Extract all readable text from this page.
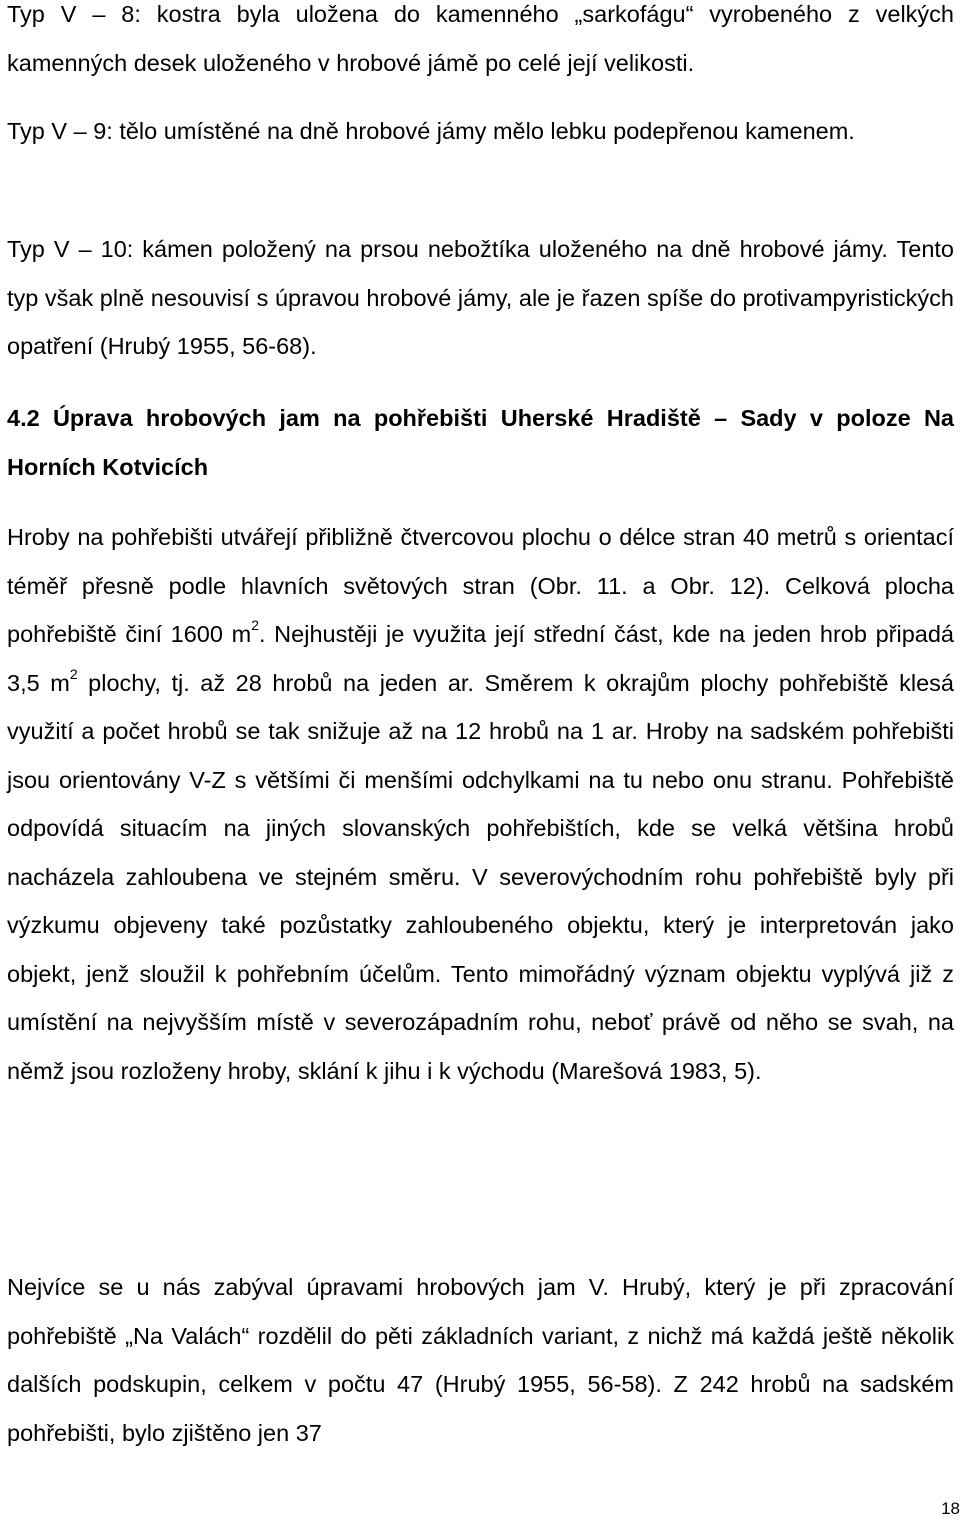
Typ V – 8: kostra byla uložena do kamenného „sarkofágu“ vyrobeného z velkých kamenných desek uloženého v hrobové jámě po celé její velikosti.

Typ V – 9: tělo umístěné na dně hrobové jámy mělo lebku podepřenou kamenem.

Typ V – 10: kámen položený na prsou nebožtíka uloženého na dně hrobové jámy. Tento typ však plně nesouvisí s úpravou hrobové jámy, ale je řazen spíše do protivampyristických opatření (Hrubý 1955, 56-68).

4.2 Úprava hrobových jam na pohřebišti Uherské Hradiště – Sady v poloze Na Horních Kotvicích

Hroby na pohřebišti utvářejí přibližně čtvercovou plochu o délce stran 40 metrů s orientací téměř přesně podle hlavních světových stran (Obr. 11. a Obr. 12). Celková plocha pohřebiště činí 1600 $m^2$. Nejhustěji je využita její střední část, kde na jeden hrob připadá 3,5 $m^2$ plochy, tj. až 28 hrobů na jeden ar. Směrem k okrajům plochy pohřebiště klesá využití a počet hrobů se tak snižuje až na 12 hrobů na 1 ar. Hroby na sadském pohřebišti jsou orientovány V-Z s většími či menšími odchylkami na tu nebo onu stranu. Pohřebiště odpovídá situacím na jiných slovanských pohřebištích, kde se velká většina hrobů nacházela zahloubena ve stejném směru. V severovýchodním rohu pohřebiště byly při výzkumu objeveny také pozůstatky zahloubeného objektu, který je interpretován jako objekt, jenž sloužil k pohřebním účelům. Tento mimořádný význam objektu vyplývá již z umístění na nejvyšším místě v severozápadním rohu, neboť právě od něho se svah, na němž jsou rozloženy hroby, sklání k jihu i k východu (Marešová 1983, 5).

Nejvíce se u nás zabýval úpravami hrobových jam V. Hrubý, který je při zpracování pohřebiště „Na Valách“ rozdělil do pěti základních variant, z nichž má každá ještě několik dalších podskupin, celkem v počtu 47 (Hrubý 1955, 56-58). Z 242 hrobů na sadském pohřebišti, bylo zjištěno jen 37

18
